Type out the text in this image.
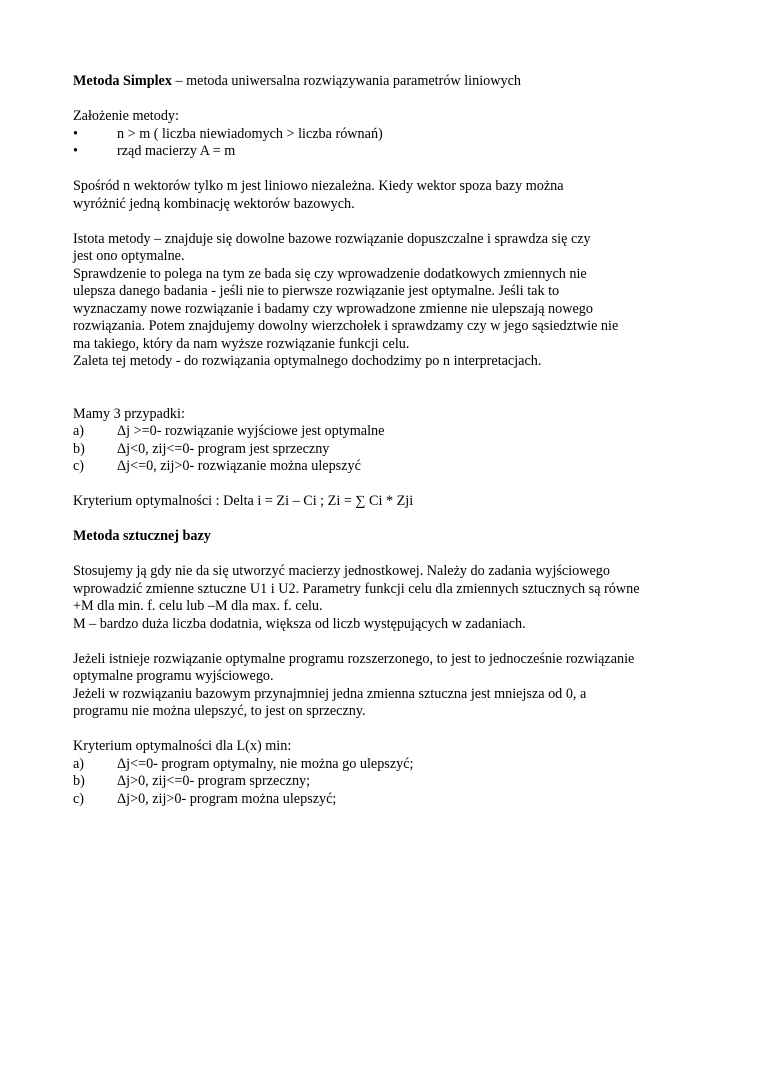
Metoda Simplex – metoda uniwersalna rozwiązywania parametrów liniowych

Założenie metody:

•	n > m ( liczba niewiadomych > liczba równań)
•	rząd macierzy A = m

Spośród n wektorów tylko m jest liniowo niezależna. Kiedy wektor spoza bazy można

wyróżnić jedną kombinację wektorów bazowych.

Istota metody – znajduje się dowolne bazowe rozwiązanie dopuszczalne i sprawdza się czy

jest ono optymalne.

Sprawdzenie to polega na tym ze bada się czy wprowadzenie dodatkowych zmiennych nie

ulepsza danego badania - jeśli nie to pierwsze rozwiązanie jest optymalne. Jeśli tak to

wyznaczamy nowe rozwiązanie i badamy czy wprowadzone zmienne nie ulepszają nowego

rozwiązania. Potem znajdujemy dowolny wierzchołek i sprawdzamy czy w jego sąsiedztwie nie

ma takiego, który da nam wyższe rozwiązanie funkcji celu.

Zaleta tej metody - do rozwiązania optymalnego dochodzimy po n interpretacjach.

Mamy 3 przypadki:

a)	Δj >=0- rozwiązanie wyjściowe jest optymalne
b)	Δj<0, zij<=0- program jest sprzeczny
c)	Δj<=0, zij>0- rozwiązanie można ulepszyć

Kryterium optymalności : Delta i = Zi – Ci ; Zi = ∑ Ci * Zji

Metoda sztucznej bazy

Stosujemy ją gdy nie da się utworzyć macierzy jednostkowej. Należy do zadania wyjściowego

wprowadzić zmienne sztuczne U1 i U2. Parametry funkcji celu dla zmiennych sztucznych są równe

+M dla min. f. celu lub –M dla max. f. celu.

M – bardzo duża liczba dodatnia, większa od liczb występujących w zadaniach.

Jeżeli istnieje rozwiązanie optymalne programu rozszerzonego, to jest to jednocześnie rozwiązanie

optymalne programu wyjściowego.

Jeżeli w rozwiązaniu bazowym przynajmniej jedna zmienna sztuczna jest mniejsza od 0, a

programu nie można ulepszyć, to jest on sprzeczny.

Kryterium optymalności dla L(x) min:

a)	Δj<=0- program optymalny, nie można go ulepszyć;
b)	Δj>0, zij<=0- program sprzeczny;
c)	Δj>0, zij>0- program można ulepszyć;
